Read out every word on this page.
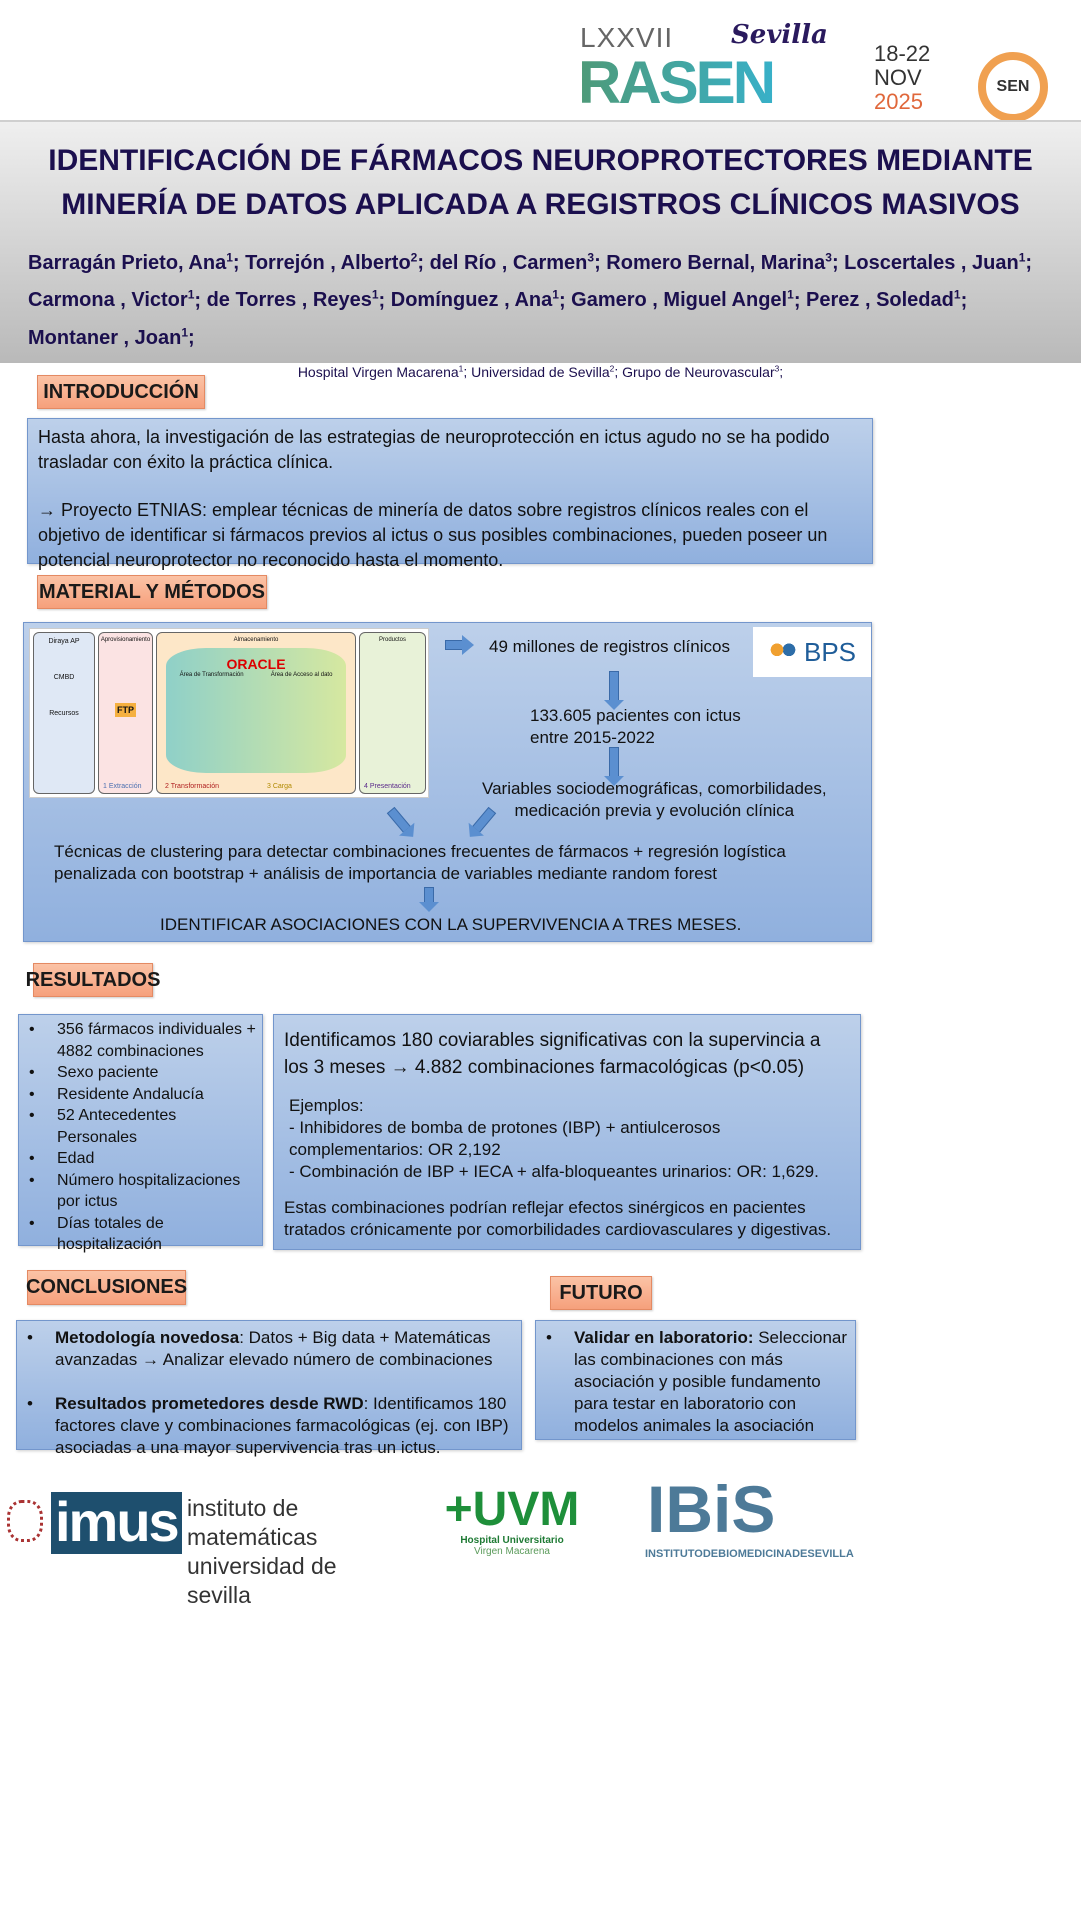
LXXVII Sevilla
RASEN	18-22
NOV
2025
SEN
IDENTIFICACIÓN DE FÁRMACOS NEUROPROTECTORES MEDIANTE
MINERÍA DE DATOS APLICADA A REGISTROS CLÍNICOS MASIVOS
Barragán Prieto, Ana$^1$; Torrejón , Alberto$^2$; del Río , Carmen$^3$; Romero Bernal, Marina$^3$; Loscertales , Juan$^1$; Carmona , Victor$^1$; de Torres , Reyes$^1$; Domínguez , Ana$^1$; Gamero , Miguel Angel$^1$; Perez , Soledad$^1$; Montaner , Joan$^1$;
Hospital Virgen Macarena$^1$; Universidad de Sevilla$^2$; Grupo de Neurovascular$^3$;
INTRODUCCIÓN

Hasta ahora, la investigación de las estrategias de neuroprotección en ictus agudo no se ha podido trasladar con éxito la práctica clínica.

→ Proyecto ETNIAS: emplear técnicas de minería de datos sobre registros clínicos reales con el objetivo de identificar si fármacos previos al ictus o sus posibles combinaciones, pueden poseer un potencial neuroprotector no reconocido hasta el momento.

MATERIAL Y MÉTODOS
Diraya AP

CMBD

Recursos
AprovisionamientoFTP
1 Extracción
Almacenamiento
ORACLE
Área de Transformación	Área de Acceso al dato
2 Transformación	3 Carga
Productos
4 Presentación
BPS
49 millones de registros clínicos
133.605 pacientes con ictus
entre 2015-2022
Variables sociodemográficas, comorbilidades,
medicación previa y evolución clínica
Técnicas de clustering para detectar combinaciones frecuentes de fármacos + regresión logística
penalizada con bootstrap + análisis de importancia de variables mediante random forest
IDENTIFICAR ASOCIACIONES CON LA SUPERVIVENCIA A TRES MESES.
RESULTADOS
• 356 fármacos individuales + 4882 combinaciones
• Sexo paciente
• Residente Andalucía
• 52 Antecedentes Personales
• Edad
• Número hospitalizaciones por ictus
• Días totales de hospitalización

Identificamos 180 coviarables significativas con la supervincia a los 3 meses → 4.882 combinaciones farmacológicas (p<0.05)

Ejemplos:

- Inhibidores de bomba de protones (IBP) + antiulcerosos complementarios: OR 2,192

- Combinación de IBP + IECA + alfa-bloqueantes urinarios: OR: 1,629.

Estas combinaciones podrían reflejar efectos sinérgicos en pacientes tratados crónicamente por comorbilidades cardiovasculares y digestivas.

CONCLUSIONES
• Metodología novedosa: Datos + Big data + Matemáticas avanzadas → Analizar elevado número de combinaciones
• Resultados prometedores desde RWD: Identificamos 180 factores clave y combinaciones farmacológicas (ej. con IBP) asociadas a una mayor supervivencia tras un ictus.
FUTURO
• Validar en laboratorio: Seleccionar las combinaciones con más asociación y posible fundamento para testar en laboratorio con modelos animales la asociación
imus instituto de matemáticas
universidad de sevilla
+UVM
Hospital Universitario
Virgen Macarena
IBiS
INSTITUTODEBIOMEDICINADESEVILLA
